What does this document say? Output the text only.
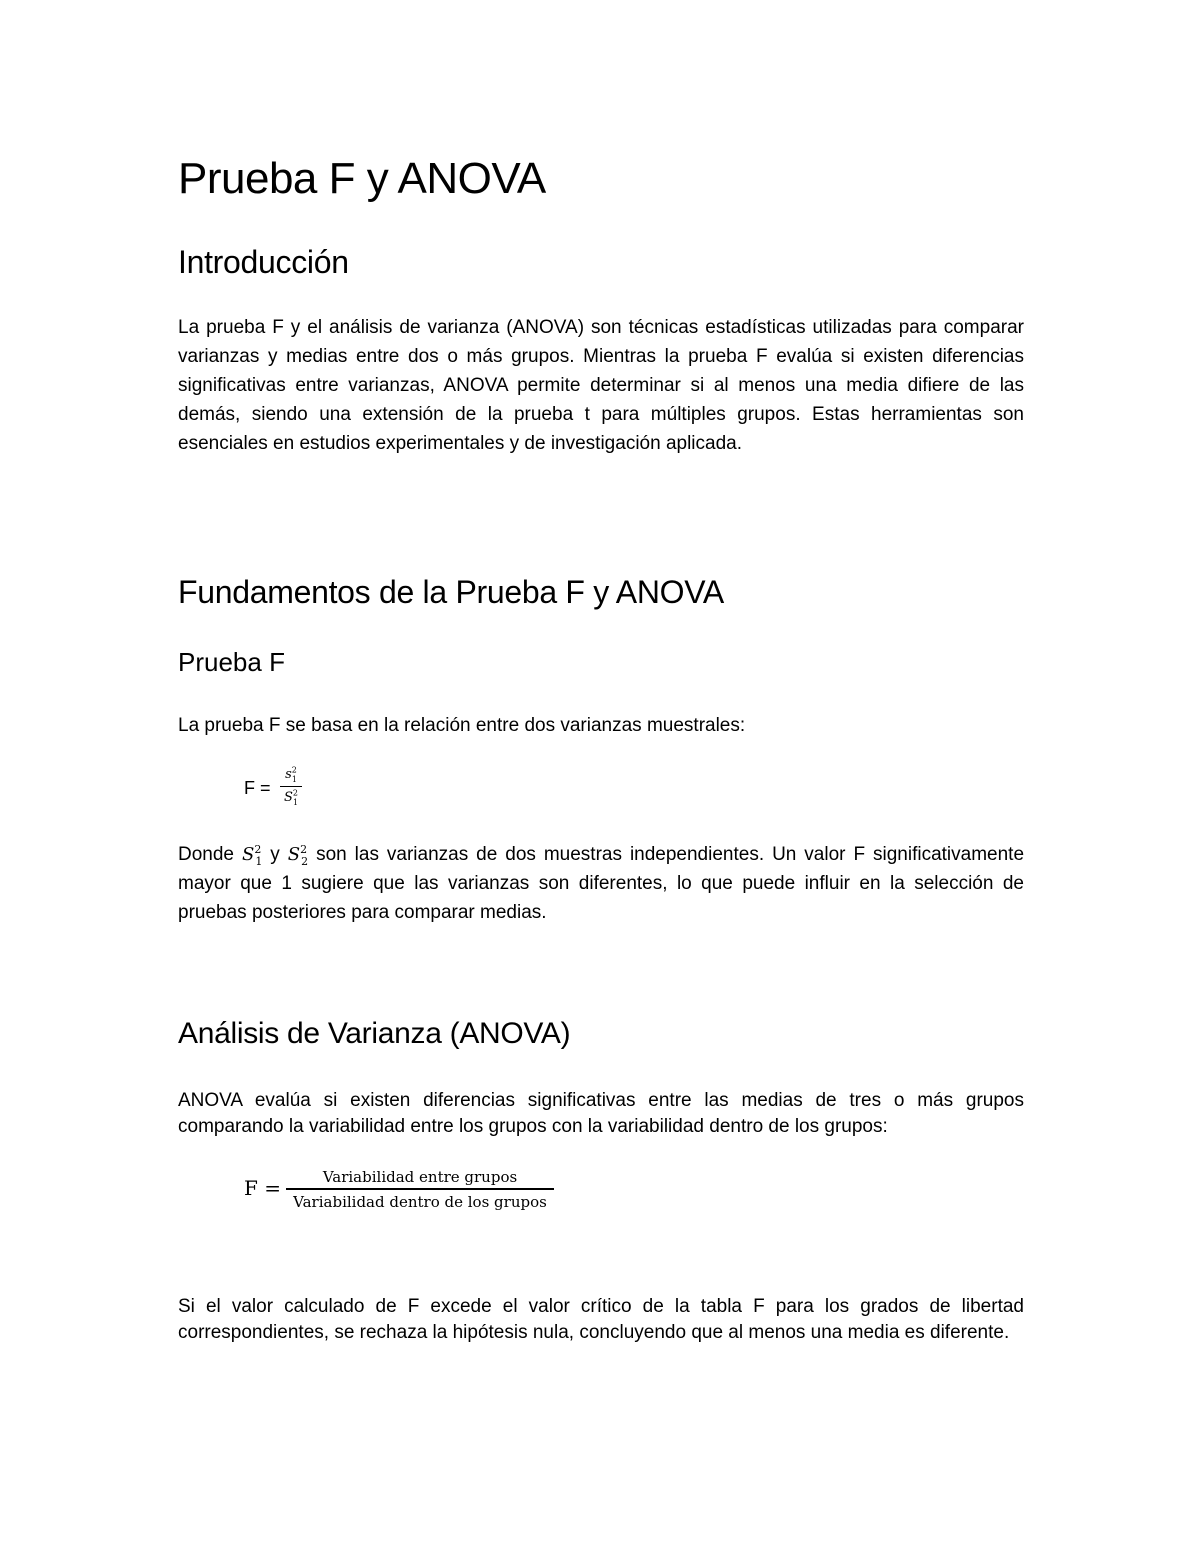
Prueba F y ANOVA
Introducción

La prueba F y el análisis de varianza (ANOVA) son técnicas estadísticas utilizadas para comparar varianzas y medias entre dos o más grupos. Mientras la prueba F evalúa si existen diferencias significativas entre varianzas, ANOVA permite determinar si al menos una media difiere de las demás, siendo una extensión de la prueba t para múltiples grupos. Estas herramientas son esenciales en estudios experimentales y de investigación aplicada.

Fundamentos de la Prueba F y ANOVA
Prueba F

La prueba F se basa en la relación entre dos varianzas muestrales:

F =
$s^2_1$
$S^2_1$

Donde $S^2_1$ y $S^2_2$ son las varianzas de dos muestras independientes. Un valor F significativamente mayor que 1 sugiere que las varianzas son diferentes, lo que puede influir en la selección de pruebas posteriores para comparar medias.

Análisis de Varianza (ANOVA)

ANOVA evalúa si existen diferencias significativas entre las medias de tres o más grupos comparando la variabilidad entre los grupos con la variabilidad dentro de los grupos:

F =	Variabilidad entre grupos
Variabilidad dentro de los grupos

Si el valor calculado de F excede el valor crítico de la tabla F para los grados de libertad correspondientes, se rechaza la hipótesis nula, concluyendo que al menos una media es diferente.
